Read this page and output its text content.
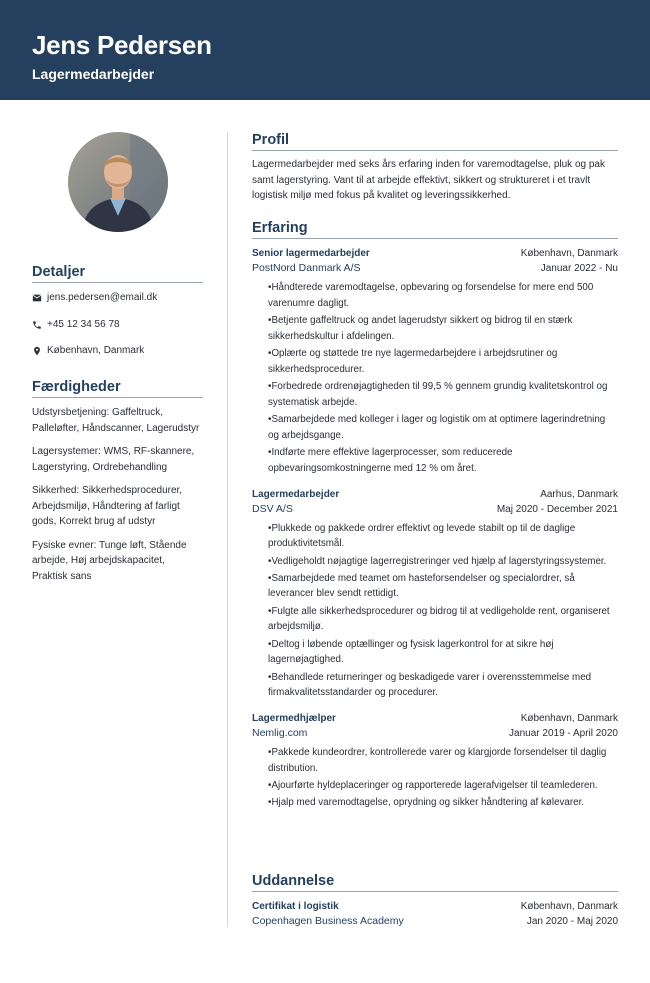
Jens Pedersen
Lagermedarbejder
Detaljer
jens.pedersen@email.dk
+45 12 34 56 78
København, Danmark
Færdigheder
Udstyrsbetjening: Gaffeltruck, Palleløfter, Håndscanner, Lagerudstyr
Lagersystemer: WMS, RF-skannere, Lagerstyring, Ordrebehandling
Sikkerhed: Sikkerhedsprocedurer, Arbejdsmiljø, Håndtering af farligt gods, Korrekt brug af udstyr
Fysiske evner: Tunge løft, Stående arbejde, Høj arbejdskapacitet, Praktisk sans
Profil
Lagermedarbejder med seks års erfaring inden for varemodtagelse, pluk og pak samt lagerstyring. Vant til at arbejde effektivt, sikkert og struktureret i et travlt logistisk miljø med fokus på kvalitet og leveringssikkerhed.
Erfaring
Senior lagermedarbejder	København, Danmark
PostNord Danmark A/S	Januar 2022 - Nu
• Håndterede varemodtagelse, opbevaring og forsendelse for mere end 500 varenumre dagligt.
• Betjente gaffeltruck og andet lagerudstyr sikkert og bidrog til en stærk sikkerhedskultur i afdelingen.
• Oplærte og støttede tre nye lagermedarbejdere i arbejdsrutiner og sikkerhedsprocedurer.
• Forbedrede ordrenøjagtigheden til 99,5 % gennem grundig kvalitetskontrol og systematisk arbejde.
• Samarbejdede med kolleger i lager og logistik om at optimere lagerindretning og arbejdsgange.
• Indførte mere effektive lagerprocesser, som reducerede opbevaringsomkostningerne med 12 % om året.
Lagermedarbejder	Aarhus, Danmark
DSV A/S	Maj 2020 - December 2021
• Plukkede og pakkede ordrer effektivt og levede stabilt op til de daglige produktivitetsmål.
• Vedligeholdt nøjagtige lagerregistreringer ved hjælp af lagerstyringssystemer.
• Samarbejdede med teamet om hasteforsendelser og specialordrer, så leverancer blev sendt rettidigt.
• Fulgte alle sikkerhedsprocedurer og bidrog til at vedligeholde rent, organiseret arbejdsmiljø.
• Deltog i løbende optællinger og fysisk lagerkontrol for at sikre høj lagernøjagtighed.
• Behandlede returneringer og beskadigede varer i overensstemmelse med firmakvalitetsstandarder og procedurer.
Lagermedhjælper	København, Danmark
Nemlig.com	Januar 2019 - April 2020
• Pakkede kundeordrer, kontrollerede varer og klargjorde forsendelser til daglig distribution.
• Ajourførte hyldeplaceringer og rapporterede lagerafvigelser til teamlederen.
• Hjalp med varemodtagelse, oprydning og sikker håndtering af kølevarer.
Uddannelse
Certifikat i logistik	København, Danmark
Copenhagen Business Academy	Jan 2020 - Maj 2020
